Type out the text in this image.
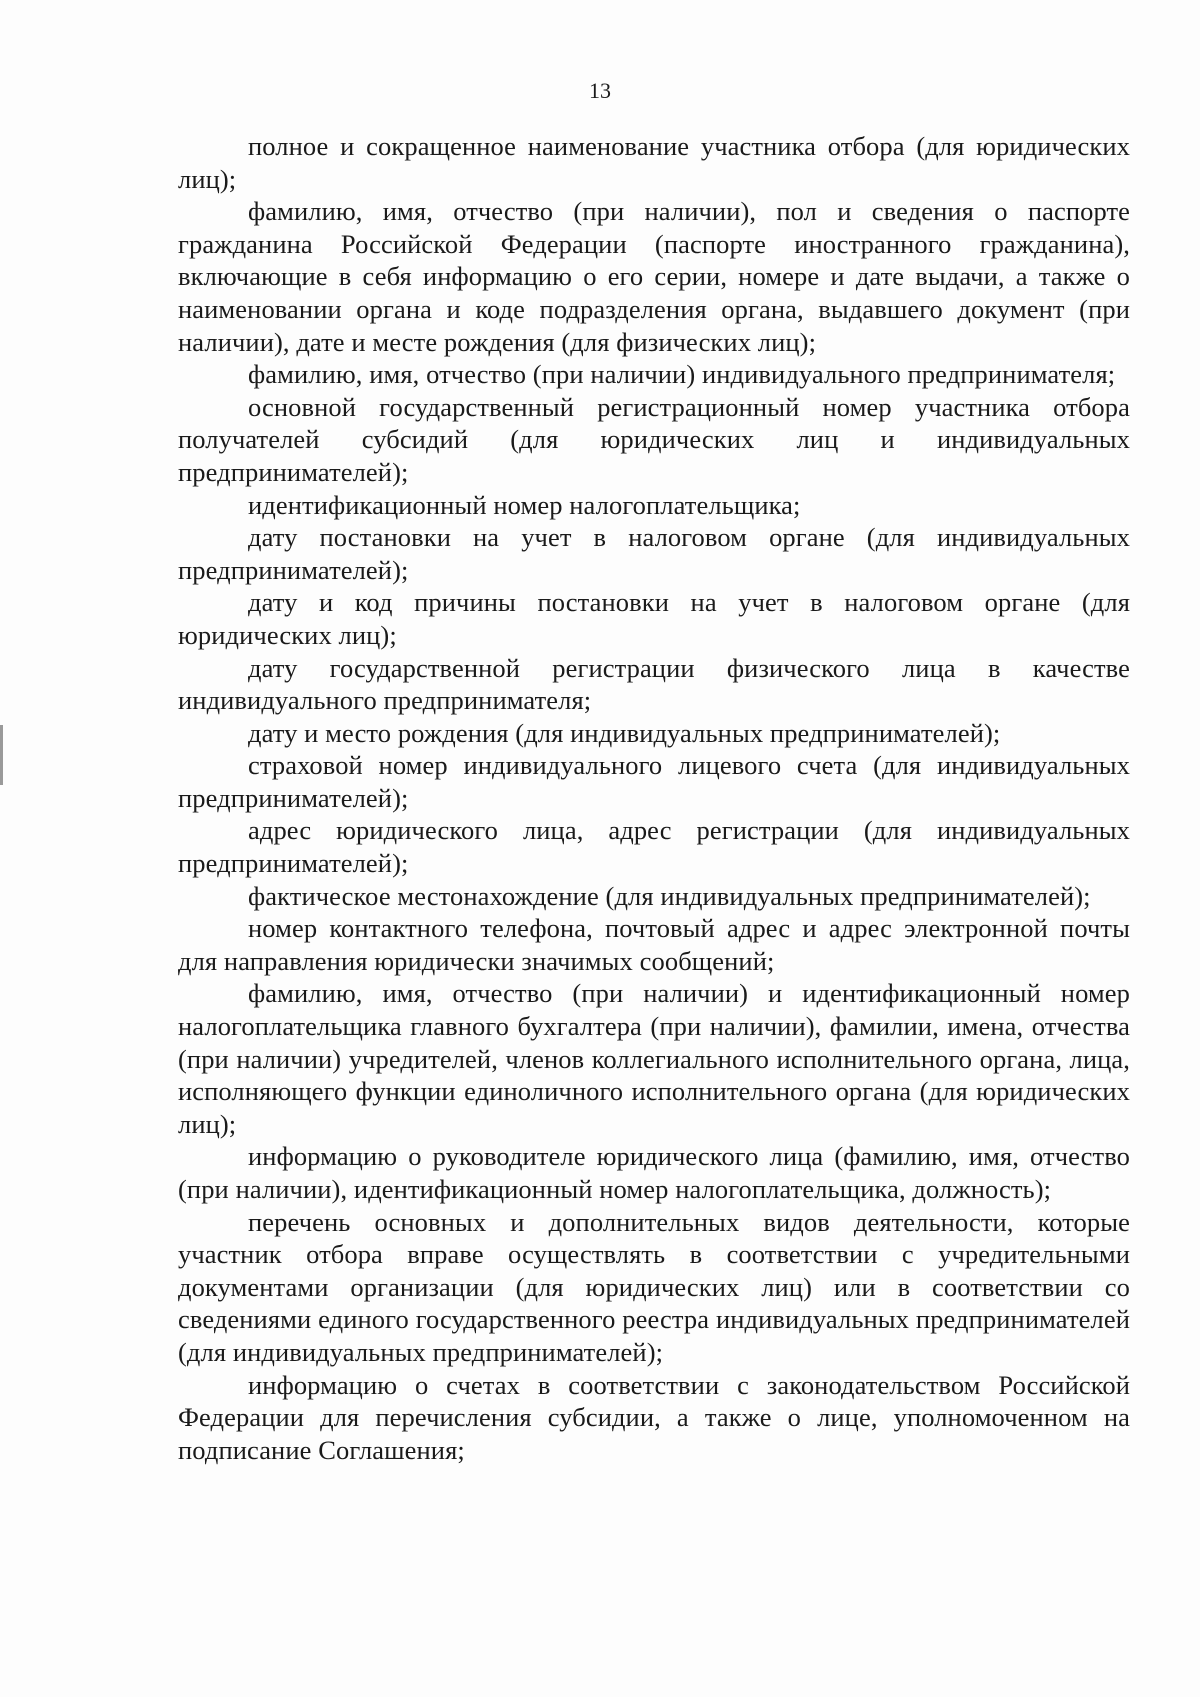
13

полное и сокращенное наименование участника отбора (для юридических лиц);

фамилию, имя, отчество (при наличии), пол и сведения о паспорте гражданина Российской Федерации (паспорте иностранного гражданина), включающие в себя информацию о его серии, номере и дате выдачи, а также о наименовании органа и коде подразделения органа, выдавшего документ (при наличии), дате и месте рождения (для физических лиц);

фамилию, имя, отчество (при наличии) индивидуального предпринимателя;

основной государственный регистрационный номер участника отбора получателей субсидий (для юридических лиц и индивидуальных предпринимателей);

идентификационный номер налогоплательщика;

дату постановки на учет в налоговом органе (для индивидуальных предпринимателей);

дату и код причины постановки на учет в налоговом органе (для юридических лиц);

дату государственной регистрации физического лица в качестве индивидуального предпринимателя;

дату и место рождения (для индивидуальных предпринимателей);

страховой номер индивидуального лицевого счета (для индивидуальных предпринимателей);

адрес юридического лица, адрес регистрации (для индивидуальных предпринимателей);

фактическое местонахождение (для индивидуальных предпринимателей);

номер контактного телефона, почтовый адрес и адрес электронной почты для направления юридически значимых сообщений;

фамилию, имя, отчество (при наличии) и идентификационный номер налогоплательщика главного бухгалтера (при наличии), фамилии, имена, отчества (при наличии) учредителей, членов коллегиального исполнительного органа, лица, исполняющего функции единоличного исполнительного органа (для юридических лиц);

информацию о руководителе юридического лица (фамилию, имя, отчество (при наличии), идентификационный номер налогоплательщика, должность);

перечень основных и дополнительных видов деятельности, которые участник отбора вправе осуществлять в соответствии с учредительными документами организации (для юридических лиц) или в соответствии со сведениями единого государственного реестра индивидуальных предпринимателей (для индивидуальных предпринимателей);

информацию о счетах в соответствии с законодательством Российской Федерации для перечисления субсидии, а также о лице, уполномоченном на подписание Соглашения;
